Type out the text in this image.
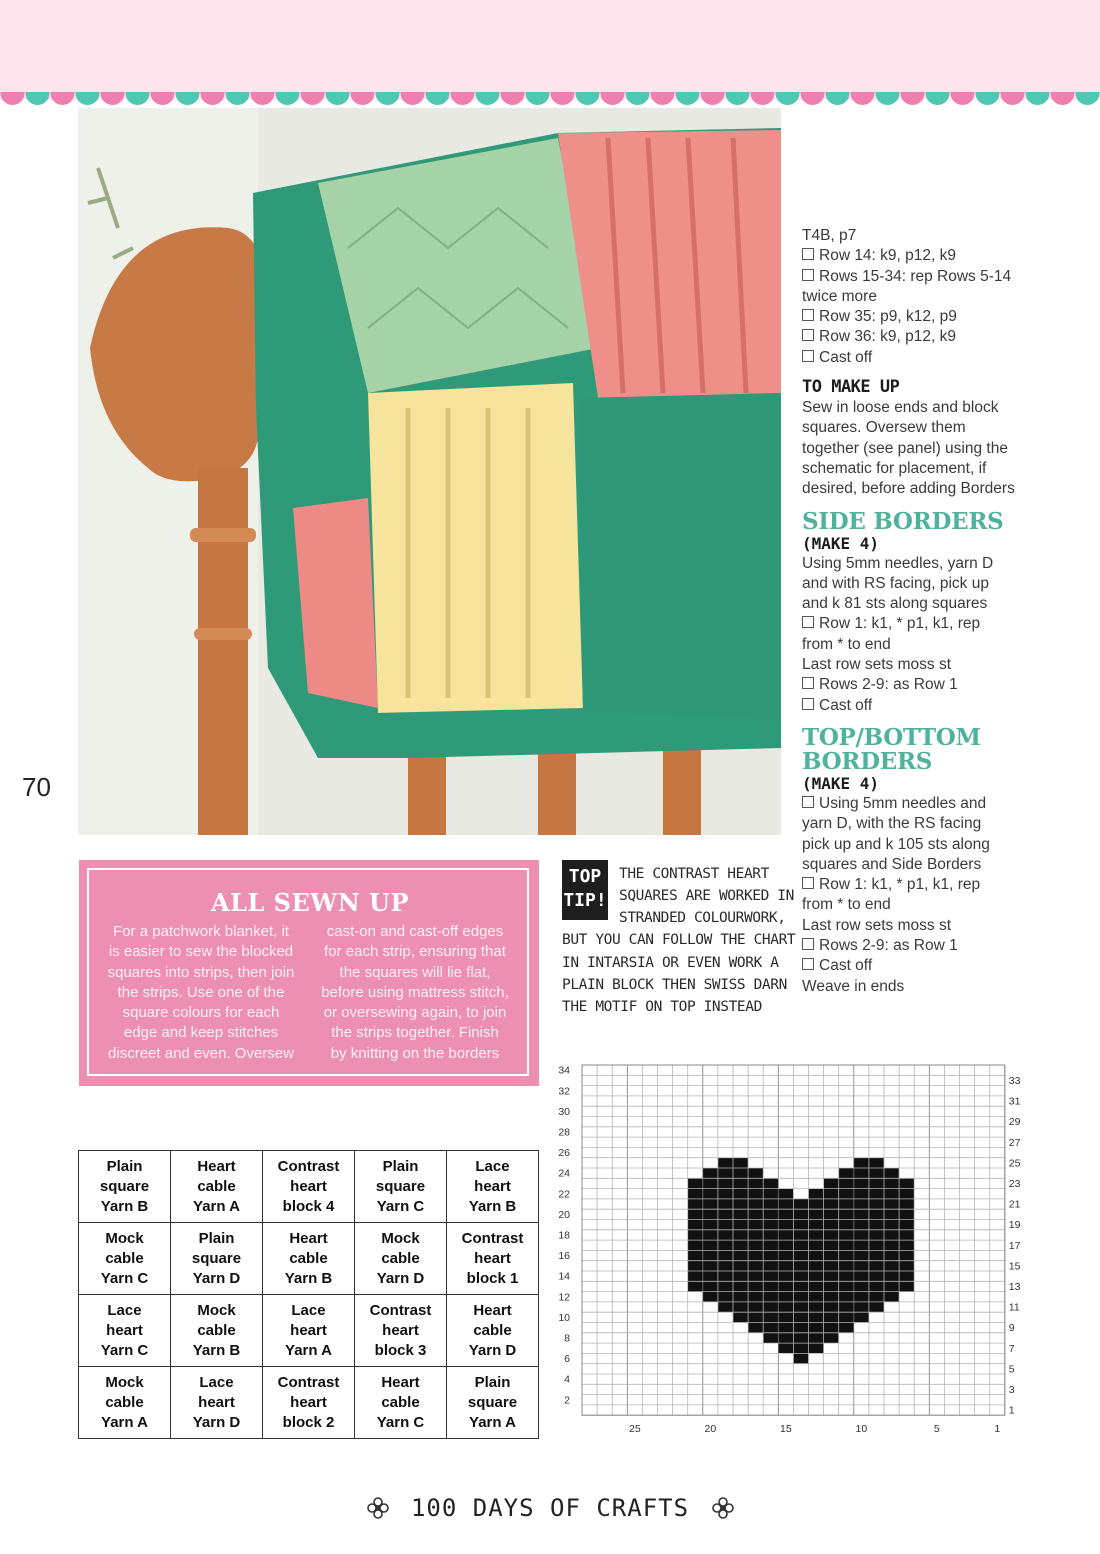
70
T4B, p7
Row 14: k9, p12, k9
Rows 15-34: rep Rows 5-14
twice more
Row 35: p9, k12, p9
Row 36: k9, p12, k9
Cast off
TO MAKE UP
Sew in loose ends and block
squares. Oversew them
together (see panel) using the
schematic for placement, if
desired, before adding Borders
SIDE BORDERS
(MAKE 4)
Using 5mm needles, yarn D
and with RS facing, pick up
and k 81 sts along squares
Row 1: k1, * p1, k1, rep
from * to end
Last row sets moss st
Rows 2-9: as Row 1
Cast off
TOP/BOTTOM
BORDERS
(MAKE 4)
Using 5mm needles and
yarn D, with the RS facing
pick up and k 105 sts along
squares and Side Borders
Row 1: k1, * p1, k1, rep
from * to end
Last row sets moss st
Rows 2-9: as Row 1
Cast off
Weave in ends
ALL SEWN UP
For a patchwork blanket, it
is easier to sew the blocked
squares into strips, then join
the strips. Use one of the
square colours for each
edge and keep stitches
discreet and even. Oversew
cast-on and cast-off edges
for each strip, ensuring that
the squares will lie flat,
before using mattress stitch,
or oversewing again, to join
the strips together. Finish
by knitting on the borders
TOP
TIP!
THE CONTRAST HEART
SQUARES ARE WORKED IN
STRANDED COLOURWORK,
BUT YOU CAN FOLLOW THE CHART
IN INTARSIA OR EVEN WORK A
PLAIN BLOCK THEN SWISS DARN
THE MOTIF ON TOP INSTEAD
Plain
square
Yarn B	Heart
cable
Yarn A	Contrast
heart
block 4	Plain
square
Yarn C	Lace
heart
Yarn B

Mock
cable
Yarn C	Plain
square
Yarn D	Heart
cable
Yarn B	Mock
cable
Yarn D	Contrast
heart
block 1

Lace
heart
Yarn C	Mock
cable
Yarn B	Lace
heart
Yarn A	Contrast
heart
block 3	Heart
cable
Yarn D

Mock
cable
Yarn A	Lace
heart
Yarn D	Contrast
heart
block 2	Heart
cable
Yarn C	Plain
square
Yarn A
34
32
30
28
26
24
22
20
18
16
14
12
10
8
6
4
2
33
31
29
27
25
23
21
19
17
15
13
11
9
7
5
3
1
25	20	15	10	5	1
100 DAYS OF CRAFTS
